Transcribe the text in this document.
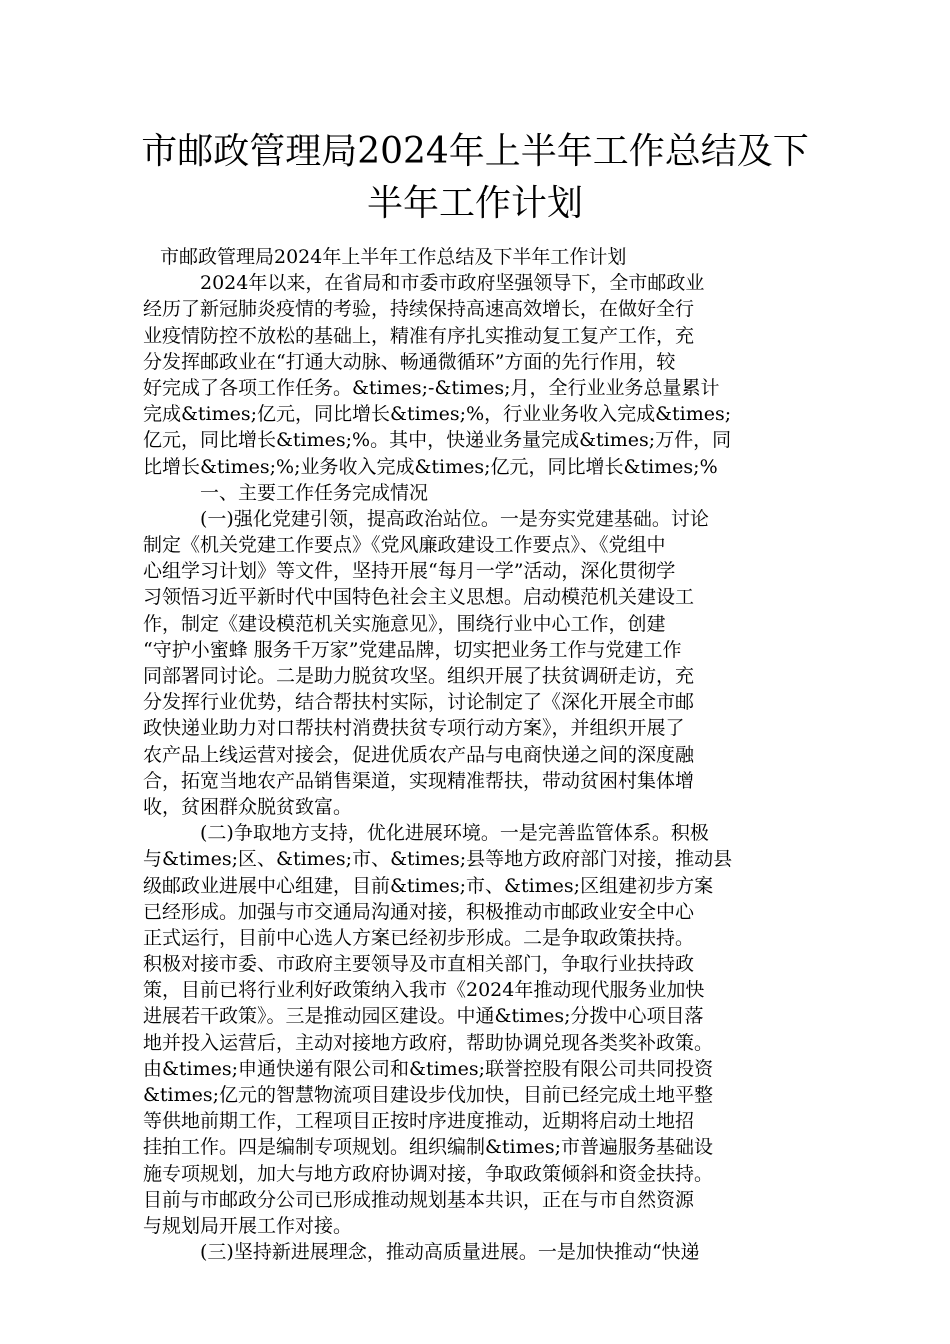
市邮政管理局2024年上半年工作总结及下
半年工作计划
市邮政管理局2024年上半年工作总结及下半年工作计划
2024年以来，在省局和市委市政府坚强领导下，全市邮政业
经历了新冠肺炎疫情的考验，持续保持高速高效增长，在做好全行
业疫情防控不放松的基础上，精准有序扎实推动复工复产工作，充
分发挥邮政业在“打通大动脉、畅通微循环”方面的先行作用，较
好完成了各项工作任务。&times;-&times;月，全行业业务总量累计
完成&times;亿元，同比增长&times;%，行业业务收入完成&times;
亿元，同比增长&times;%。其中，快递业务量完成&times;万件，同
比增长&times;%;业务收入完成&times;亿元，同比增长&times;%
一、主要工作任务完成情况
(一)强化党建引领，提高政治站位。一是夯实党建基础。讨论
制定《机关党建工作要点》《党风廉政建设工作要点》、《党组中
心组学习计划》等文件，坚持开展“每月一学”活动，深化贯彻学
习领悟习近平新时代中国特色社会主义思想。启动模范机关建设工
作，制定《建设模范机关实施意见》，围绕行业中心工作，创建
“守护小蜜蜂 服务千万家”党建品牌，切实把业务工作与党建工作
同部署同讨论。二是助力脱贫攻坚。组织开展了扶贫调研走访，充
分发挥行业优势，结合帮扶村实际，讨论制定了《深化开展全市邮
政快递业助力对口帮扶村消费扶贫专项行动方案》，并组织开展了
农产品上线运营对接会，促进优质农产品与电商快递之间的深度融
合，拓宽当地农产品销售渠道，实现精准帮扶，带动贫困村集体增
收，贫困群众脱贫致富。
(二)争取地方支持，优化进展环境。一是完善监管体系。积极
与&times;区、&times;市、&times;县等地方政府部门对接，推动县
级邮政业进展中心组建，目前&times;市、&times;区组建初步方案
已经形成。加强与市交通局沟通对接，积极推动市邮政业安全中心
正式运行，目前中心选人方案已经初步形成。二是争取政策扶持。
积极对接市委、市政府主要领导及市直相关部门，争取行业扶持政
策，目前已将行业利好政策纳入我市《2024年推动现代服务业加快
进展若干政策》。三是推动园区建设。中通&times;分拨中心项目落
地并投入运营后，主动对接地方政府，帮助协调兑现各类奖补政策。
由&times;申通快递有限公司和&times;联誉控股有限公司共同投资
&times;亿元的智慧物流项目建设步伐加快，目前已经完成土地平整
等供地前期工作，工程项目正按时序进度推动，近期将启动土地招
挂拍工作。四是编制专项规划。组织编制&times;市普遍服务基础设
施专项规划，加大与地方政府协调对接，争取政策倾斜和资金扶持。
目前与市邮政分公司已形成推动规划基本共识，正在与市自然资源
与规划局开展工作对接。
(三)坚持新进展理念，推动高质量进展。一是加快推动“快递
